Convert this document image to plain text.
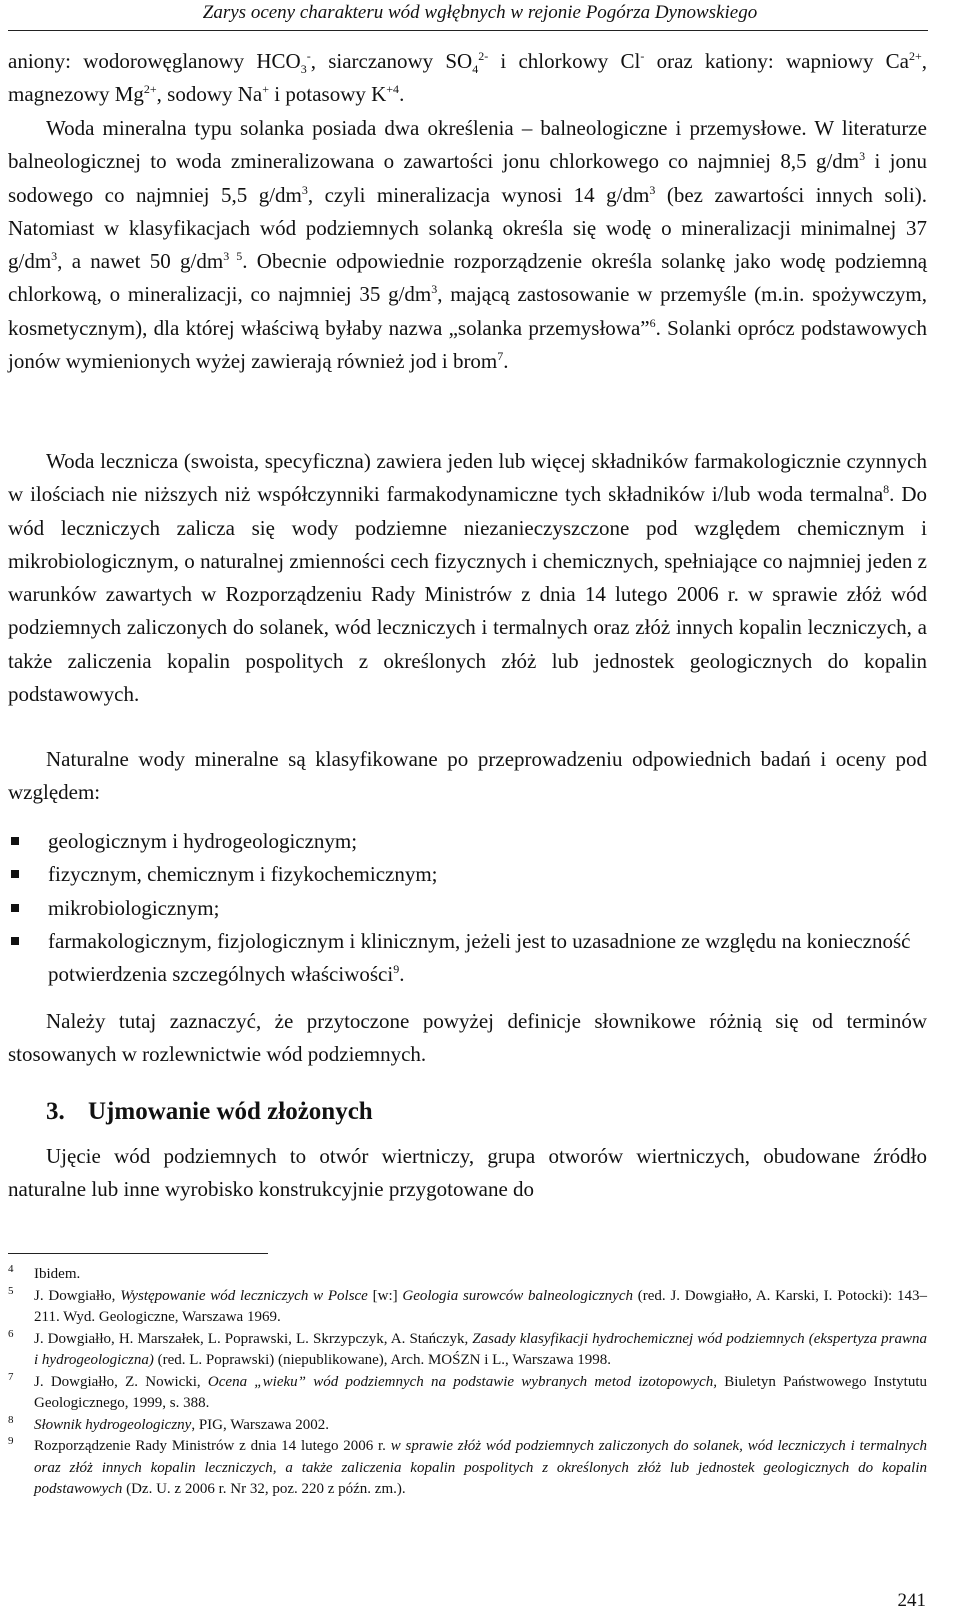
Zarys oceny charakteru wód wgłębnych w rejonie Pogórza Dynowskiego

aniony: wodorowęglanowy $HCO_3^-$, siarczanowy $SO_4^{2-}$ i chlorkowy Cl- oraz kationy: wapniowy $Ca^{2+}$, magnezowy $Mg^{2+}$, sodowy Na+ i potasowy $K^{+4}$.

Woda mineralna typu solanka posiada dwa określenia – balneologiczne i przemysłowe. W literaturze balneologicznej to woda zmineralizowana o zawartości jonu chlorkowego co najmniej 8,5 $g/dm^3$ i jonu sodowego co najmniej 5,5 $g/dm^3$, czyli mineralizacja wynosi 14 $g/dm^3$ (bez zawartości innych soli). Natomiast w klasyfikacjach wód podziemnych solanką określa się wodę o mineralizacji minimalnej 37 $g/dm^3$, a nawet 50 $g/dm^{3 5}$. Obecnie odpowiednie rozporządzenie określa solankę jako wodę podziemną chlorkową, o mineralizacji, co najmniej 35 $g/dm^3$, mającą zastosowanie w przemyśle (m.in. spożywczym, kosmetycznym), dla której właściwą byłaby nazwa „solanka przemysłowa”$^6$. Solanki oprócz podstawowych jonów wymienionych wyżej zawierają również jod i brom$^7$.

Woda lecznicza (swoista, specyficzna) zawiera jeden lub więcej składników farmakologicznie czynnych w ilościach nie niższych niż współczynniki farmakodynamiczne tych składników i/lub woda termalna$^8$. Do wód leczniczych zalicza się wody podziemne niezanieczyszczone pod względem chemicznym i mikrobiologicznym, o naturalnej zmienności cech fizycznych i chemicznych, spełniające co najmniej jeden z warunków zawartych w Rozporządzeniu Rady Ministrów z dnia 14 lutego 2006 r. w sprawie złóż wód podziemnych zaliczonych do solanek, wód leczniczych i termalnych oraz złóż innych kopalin leczniczych, a także zaliczenia kopalin pospolitych z określonych złóż lub jednostek geologicznych do kopalin podstawowych.

Naturalne wody mineralne są klasyfikowane po przeprowadzeniu odpowiednich badań i oceny pod względem:

geologicznym i hydrogeologicznym;
fizycznym, chemicznym i fizykochemicznym;
mikrobiologicznym;
farmakologicznym, fizjologicznym i klinicznym, jeżeli jest to uzasadnione ze względu na konieczność potwierdzenia szczególnych właściwości$^9$.

Należy tutaj zaznaczyć, że przytoczone powyżej definicje słownikowe różnią się od terminów stosowanych w rozlewnictwie wód podziemnych.

3. Ujmowanie wód złożonych

Ujęcie wód podziemnych to otwór wiertniczy, grupa otworów wiertniczych, obudowane źródło naturalne lub inne wyrobisko konstrukcyjnie przygotowane do

4 Ibidem.
5 J. Dowgiałło, Występowanie wód leczniczych w Polsce [w:] Geologia surowców balneologicznych (red. J. Dowgiałło, A. Karski, I. Potocki): 143–211. Wyd. Geologiczne, Warszawa 1969.
6 J. Dowgiałło, H. Marszałek, L. Poprawski, L. Skrzypczyk, A. Stańczyk, Zasady klasyfikacji hydrochemicznej wód podziemnych (ekspertyza prawna i hydrogeologiczna) (red. L. Poprawski) (niepublikowane), Arch. MOŚZN i L., Warszawa 1998.
7 J. Dowgiałło, Z. Nowicki, Ocena „wieku” wód podziemnych na podstawie wybranych metod izotopowych, Biuletyn Państwowego Instytutu Geologicznego, 1999, s. 388.
8 Słownik hydrogeologiczny, PIG, Warszawa 2002.
9 Rozporządzenie Rady Ministrów z dnia 14 lutego 2006 r. w sprawie złóż wód podziemnych zaliczonych do solanek, wód leczniczych i termalnych oraz złóż innych kopalin leczniczych, a także zaliczenia kopalin pospolitych z określonych złóż lub jednostek geologicznych do kopalin podstawowych (Dz. U. z 2006 r. Nr 32, poz. 220 z późn. zm.).
241
